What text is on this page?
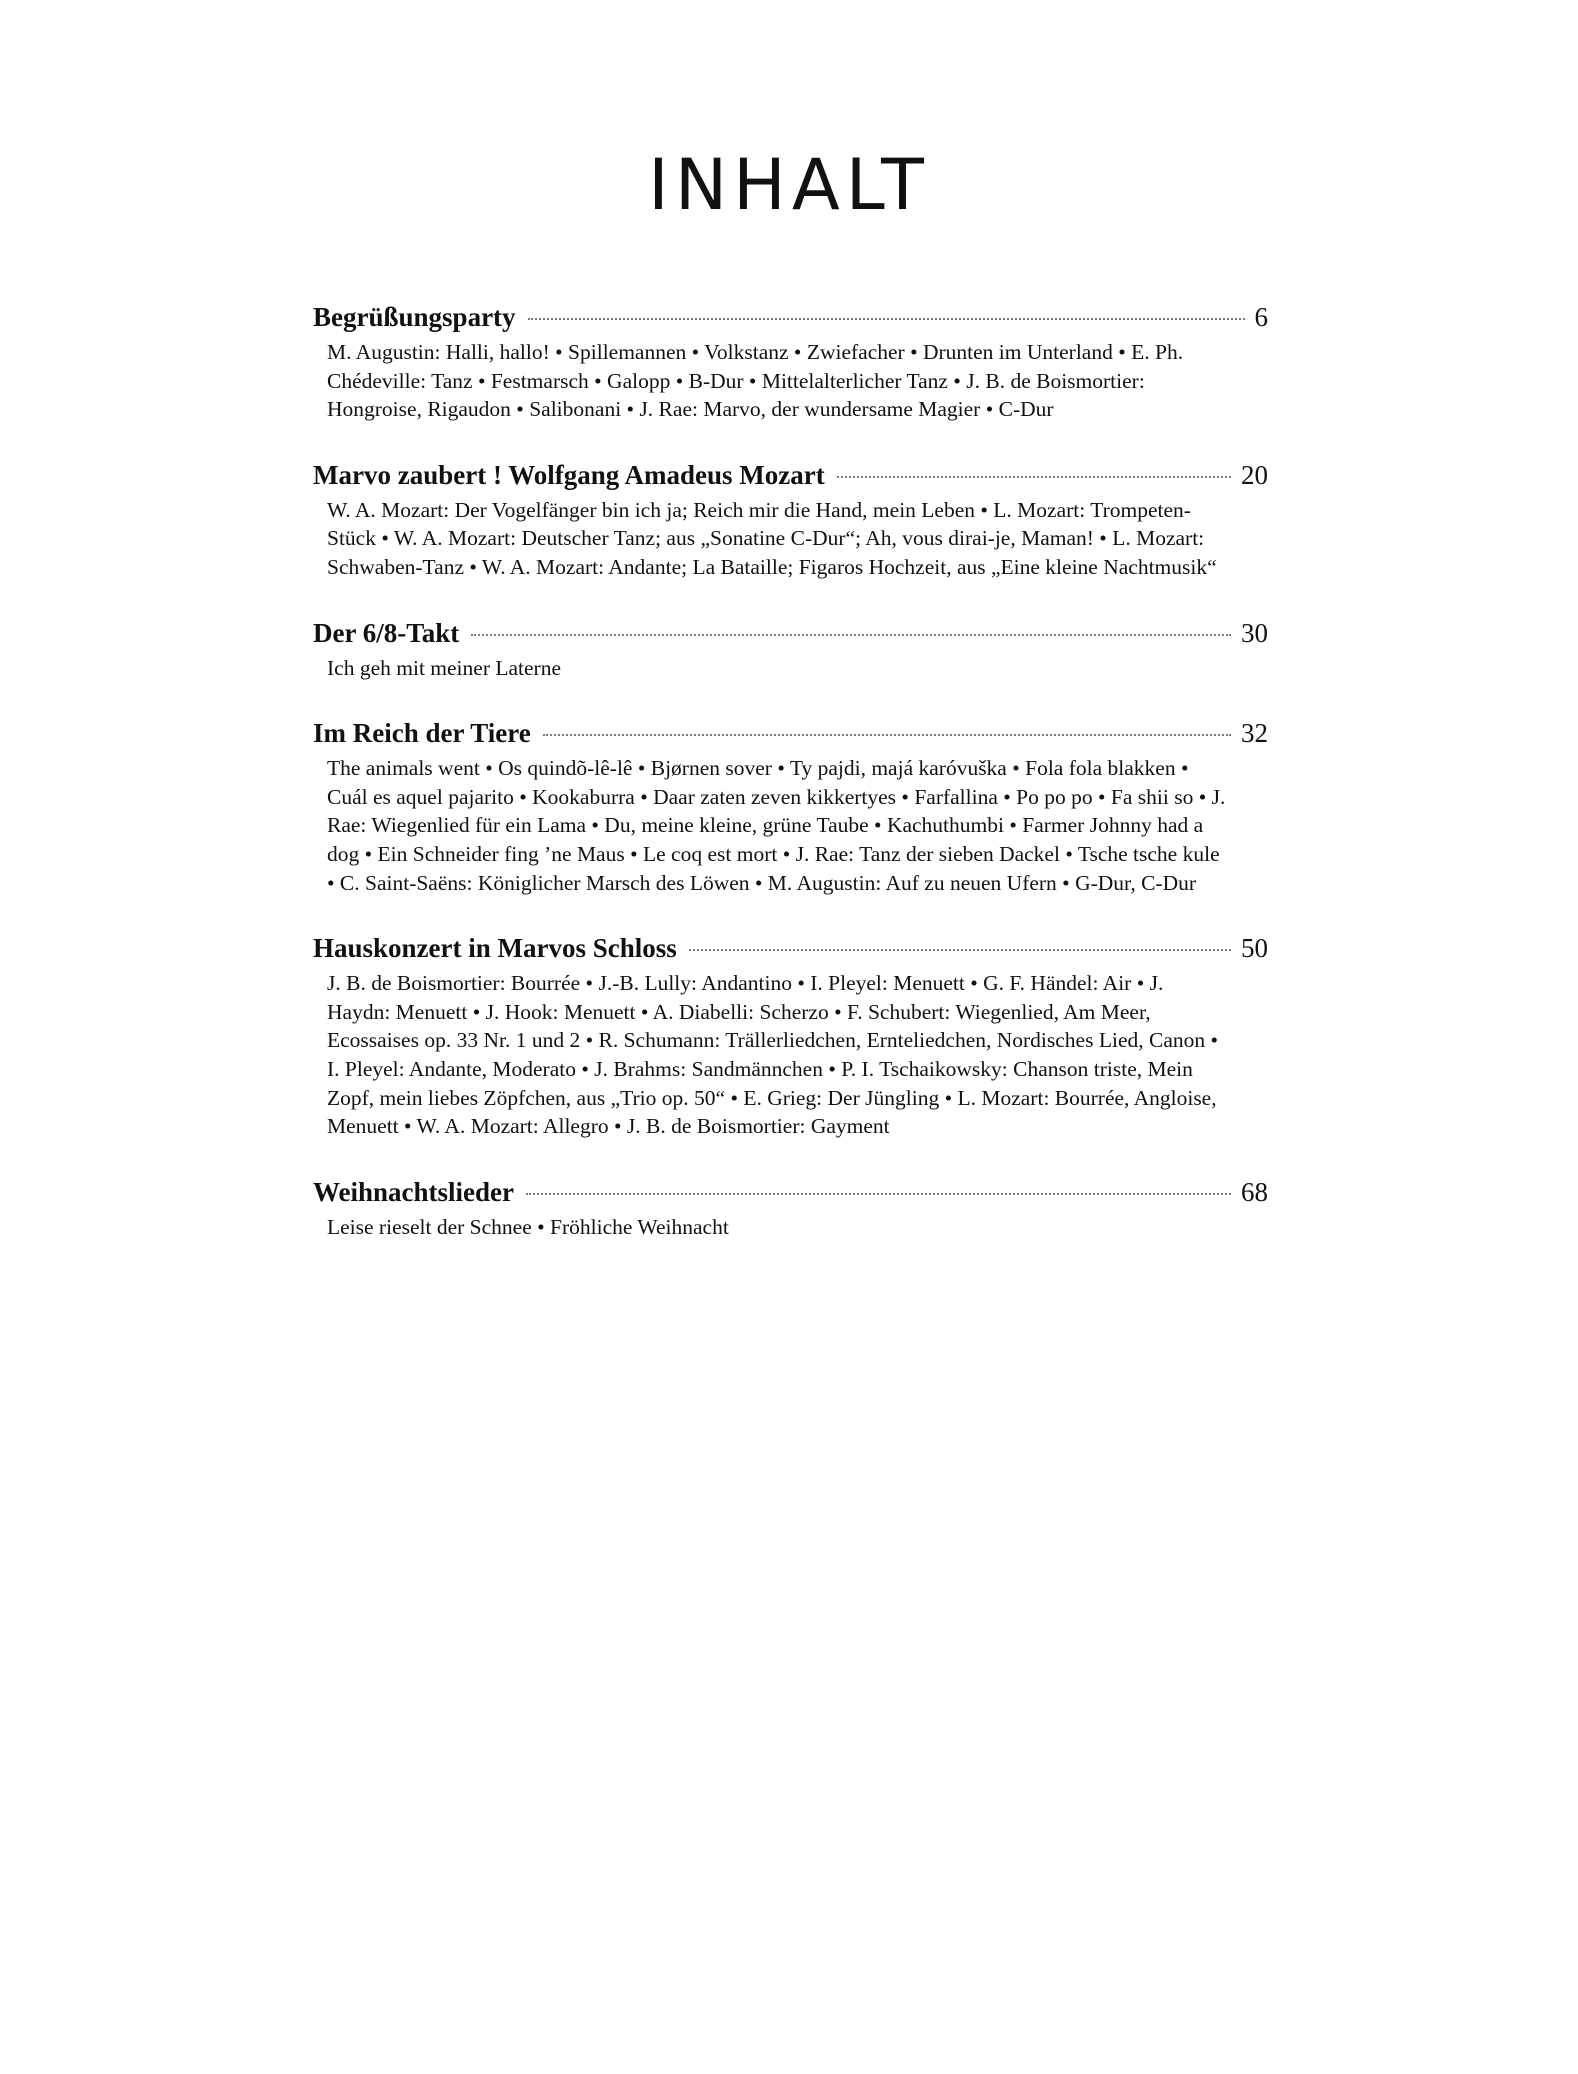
INHALT
Begrüßungsparty	6
M. Augustin: Halli, hallo! • Spillemannen • Volkstanz • Zwiefacher • Drunten im Unterland • E. Ph. Chédeville: Tanz • Festmarsch • Galopp • B-Dur • Mittelalterlicher Tanz • J. B. de Boismortier: Hongroise, Rigaudon • Salibonani • J. Rae: Marvo, der wundersame Magier • C-Dur
Marvo zaubert ! Wolfgang Amadeus Mozart	20
W. A. Mozart: Der Vogelfänger bin ich ja; Reich mir die Hand, mein Leben • L. Mozart: Trompeten-Stück • W. A. Mozart: Deutscher Tanz; aus „Sonatine C-Dur“; Ah, vous dirai-je, Maman! • L. Mozart: Schwaben-Tanz • W. A. Mozart: Andante; La Bataille; Figaros Hochzeit, aus „Eine kleine Nachtmusik“
Der 6/8-Takt	30
Ich geh mit meiner Laterne
Im Reich der Tiere	32
The animals went • Os quindõ-lê-lê • Bjørnen sover • Ty pajdi, majá karóvuška • Fola fola blakken • Cuál es aquel pajarito • Kookaburra • Daar zaten zeven kikkertyes • Farfallina • Po po po • Fa shii so • J. Rae: Wiegenlied für ein Lama • Du, meine kleine, grüne Taube • Kachuthumbi • Farmer Johnny had a dog • Ein Schneider fing ’ne Maus • Le coq est mort • J. Rae: Tanz der sieben Dackel • Tsche tsche kule • C. Saint-Saëns: Königlicher Marsch des Löwen • M. Augustin: Auf zu neuen Ufern • G-Dur, C-Dur
Hauskonzert in Marvos Schloss	50
J. B. de Boismortier: Bourrée • J.-B. Lully: Andantino • I. Pleyel: Menuett • G. F. Händel: Air • J. Haydn: Menuett • J. Hook: Menuett • A. Diabelli: Scherzo • F. Schubert: Wiegenlied, Am Meer, Ecossaises op. 33 Nr. 1 und 2 • R. Schumann: Trällerliedchen, Ernteliedchen, Nordisches Lied, Canon • I. Pleyel: Andante, Moderato • J. Brahms: Sandmännchen • P. I. Tschaikowsky: Chanson triste, Mein Zopf, mein liebes Zöpfchen, aus „Trio op. 50“ • E. Grieg: Der Jüngling • L. Mozart: Bourrée, Angloise, Menuett • W. A. Mozart: Allegro • J. B. de Boismortier: Gayment
Weihnachtslieder	68
Leise rieselt der Schnee • Fröhliche Weihnacht
